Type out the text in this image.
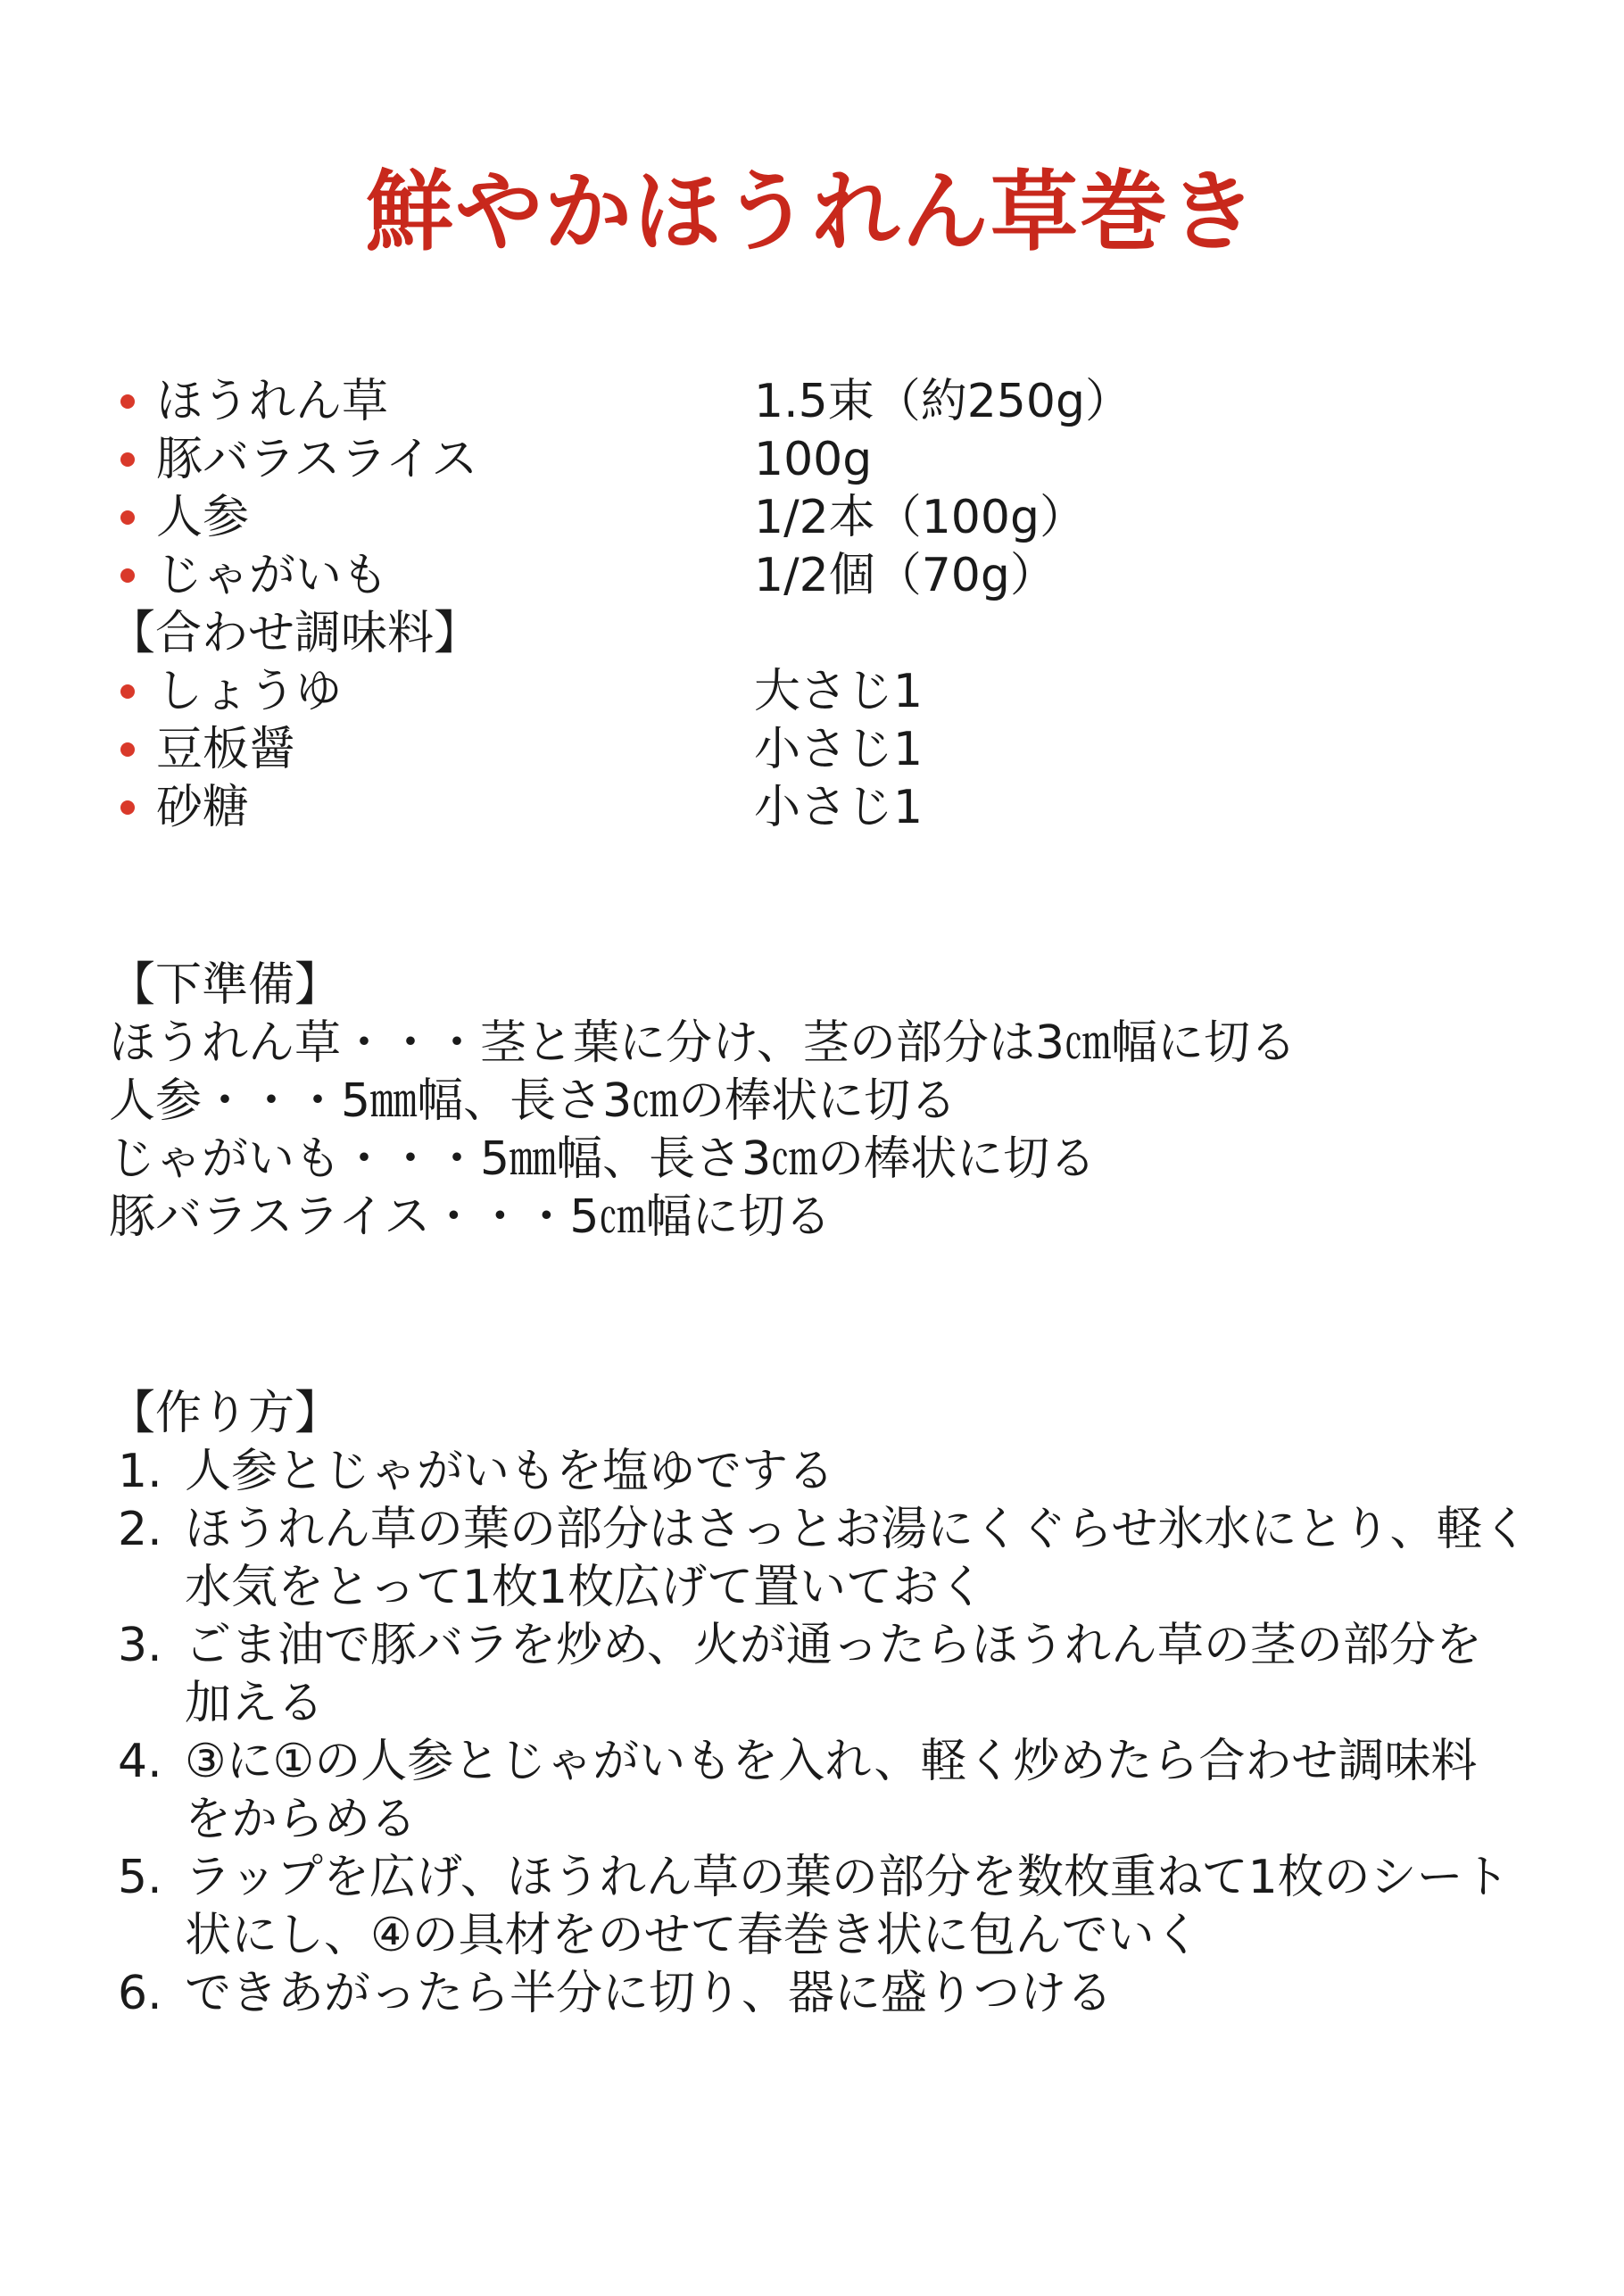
鮮やかほうれん草巻き
ほうれん草	1.5束（約250g）
豚バラスライス	100g
人参	1/2本（100g）
じゃがいも	1/2個（70g）
【合わせ調味料】
しょうゆ	大さじ1
豆板醤	小さじ1
砂糖	小さじ1
【下準備】
ほうれん草・・・茎と葉に分け、茎の部分は3㎝幅に切る
人参・・・5㎜幅、長さ3㎝の棒状に切る
じゃがいも・・・5㎜幅、長さ3㎝の棒状に切る
豚バラスライス・・・5㎝幅に切る
【作り方】
1. 人参とじゃがいもを塩ゆでする
2. ほうれん草の葉の部分はさっとお湯にくぐらせ氷水にとり、軽く
水気をとって1枚1枚広げて置いておく
3. ごま油で豚バラを炒め、火が通ったらほうれん草の茎の部分を
加える
4. ③に①の人参とじゃがいもを入れ、軽く炒めたら合わせ調味料
をからめる
5. ラップを広げ、ほうれん草の葉の部分を数枚重ねて1枚のシート
状にし、④の具材をのせて春巻き状に包んでいく
6. できあがったら半分に切り、器に盛りつける
